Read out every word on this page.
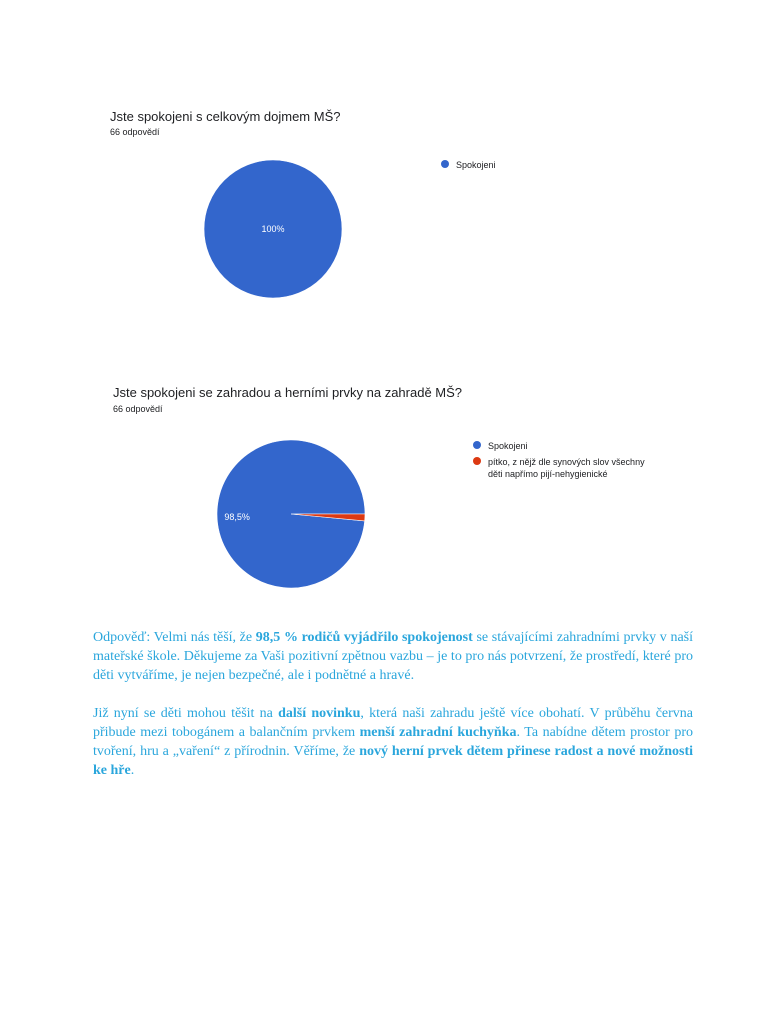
Jste spokojeni s celkovým dojmem MŠ?
66 odpovědí
100%
Spokojeni
Jste spokojeni se zahradou a herními prvky na zahradě MŠ?
66 odpovědí
98,5%
Spokojeni
pítko, z nějž dle synových slov všechny
děti napřímo pijí-nehygienické

Odpověď: Velmi nás těší, že 98,5 % rodičů vyjádřilo spokojenost se stávajícími zahradními prvky v naší mateřské škole. Děkujeme za Vaši pozitivní zpětnou vazbu – je to pro nás potvrzení, že prostředí, které pro děti vytváříme, je nejen bezpečné, ale i podnětné a hravé.

Již nyní se děti mohou těšit na další novinku, která naši zahradu ještě více obohatí. V průběhu června přibude mezi tobogánem a balančním prvkem menší zahradní kuchyňka. Ta nabídne dětem prostor pro tvoření, hru a „vaření“ z přírodnin. Věříme, že nový herní prvek dětem přinese radost a nové možnosti ke hře.
